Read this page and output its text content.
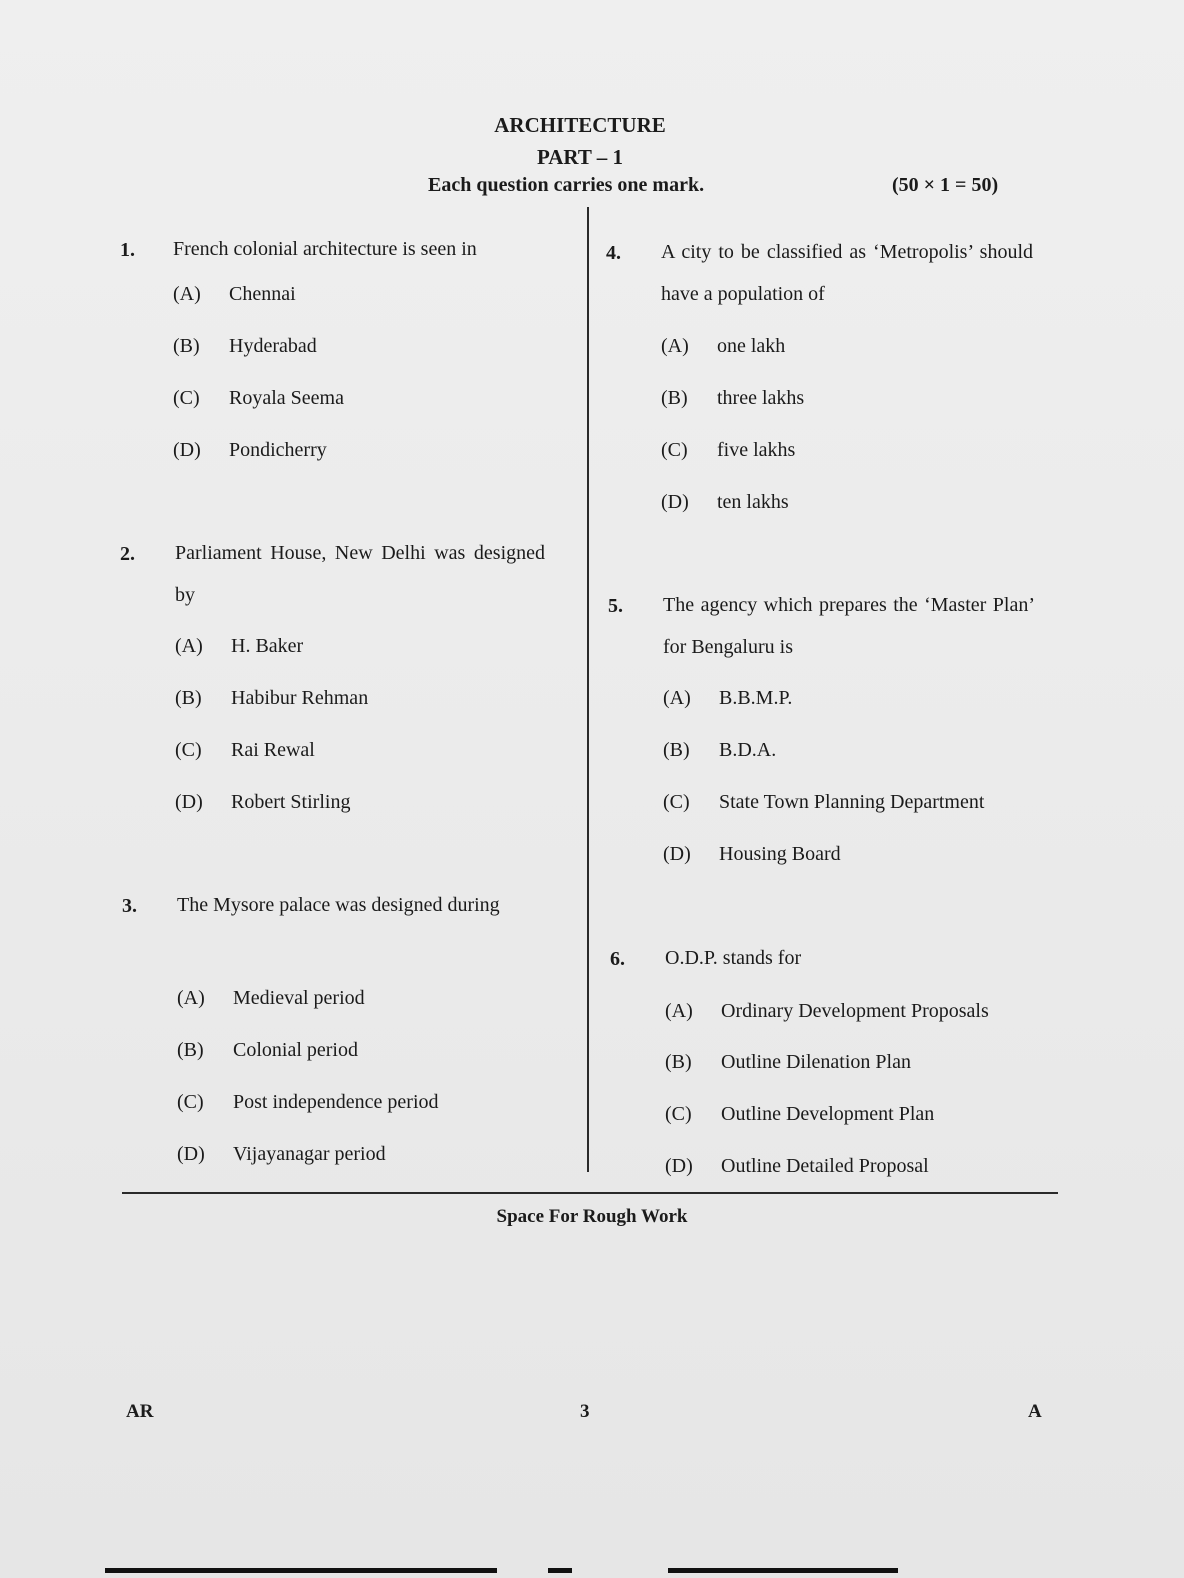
ARCHITECTURE
PART – 1
Each question carries one mark.	(50 × 1 = 50)
1. French colonial architecture is seen in
(A) Chennai
(B) Hyderabad
(C) Royala Seema
(D) Pondicherry
2. Parliament House, New Delhi was designed by
(A) H. Baker
(B) Habibur Rehman
(C) Rai Rewal
(D) Robert Stirling
3. The Mysore palace was designed during
(A) Medieval period
(B) Colonial period
(C) Post independence period
(D) Vijayanagar period
4. A city to be classified as ‘Metropolis’ should have a population of
(A) one lakh
(B) three lakhs
(C) five lakhs
(D) ten lakhs
5. The agency which prepares the ‘Master Plan’ for Bengaluru is
(A) B.B.M.P.
(B) B.D.A.
(C) State Town Planning Department
(D) Housing Board
6. O.D.P. stands for
(A) Ordinary Development Proposals
(B) Outline Dilenation Plan
(C) Outline Development Plan
(D) Outline Detailed Proposal
Space For Rough Work
AR	3	A
